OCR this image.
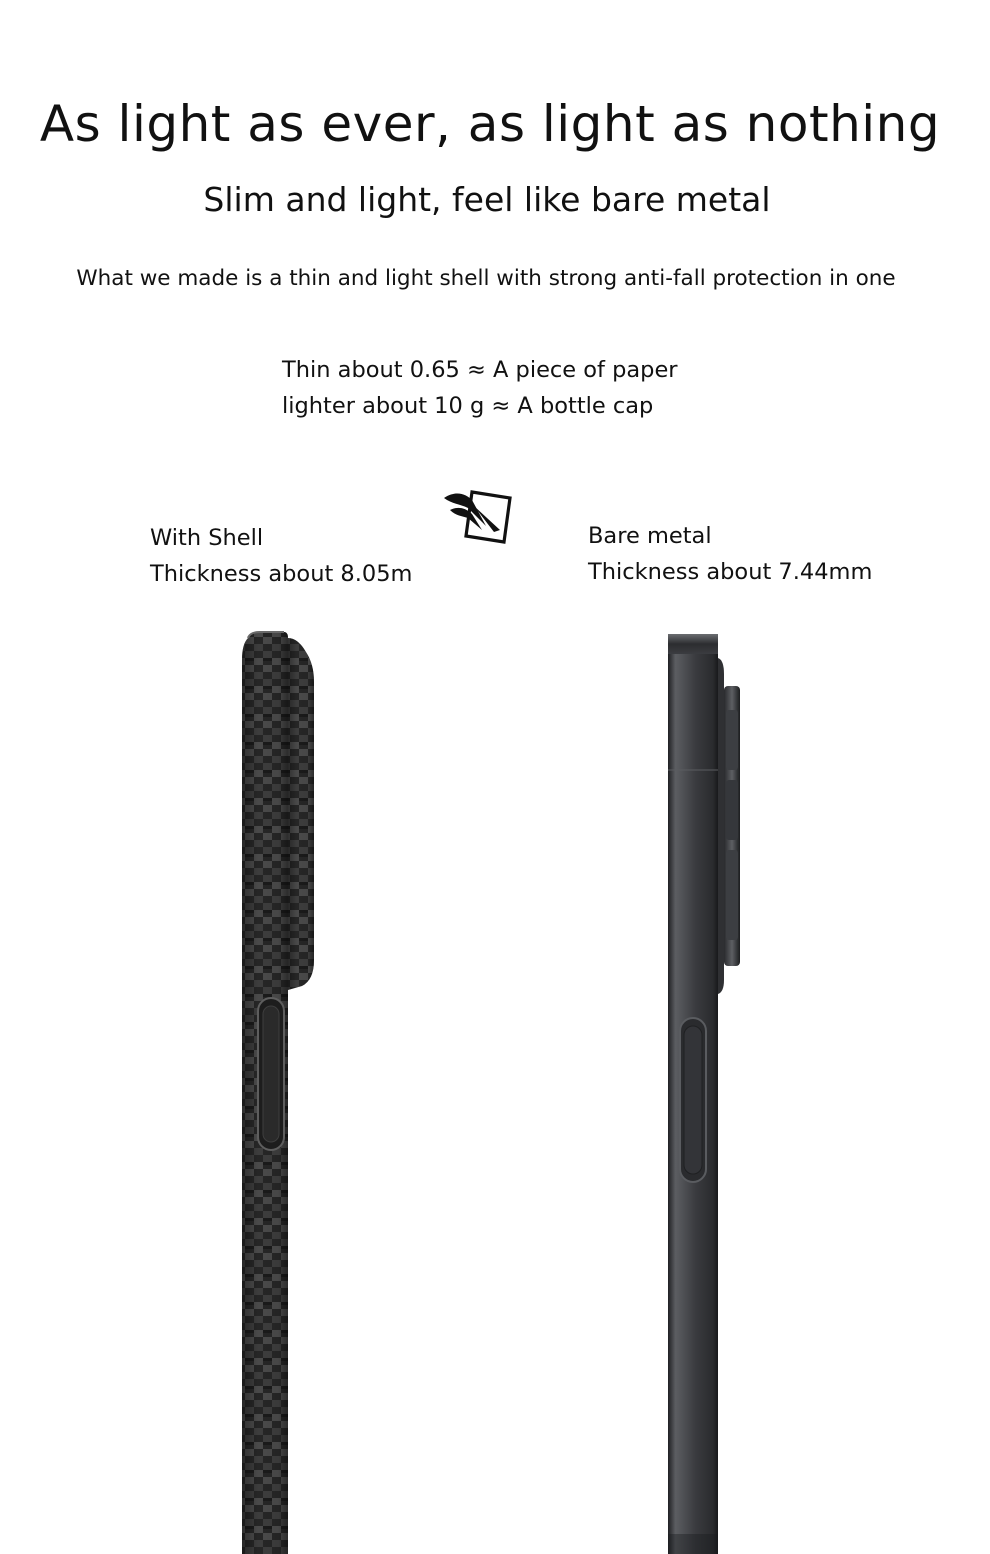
As light as ever, as light as nothing
Slim and light, feel like bare metal

What we made is a thin and light shell with strong anti-fall protection in one

Thin about 0.65 ≈ A piece of paper
lighter about 10 g ≈ A bottle cap
With Shell
Thickness about 8.05m
Bare metal
Thickness about 7.44mm
